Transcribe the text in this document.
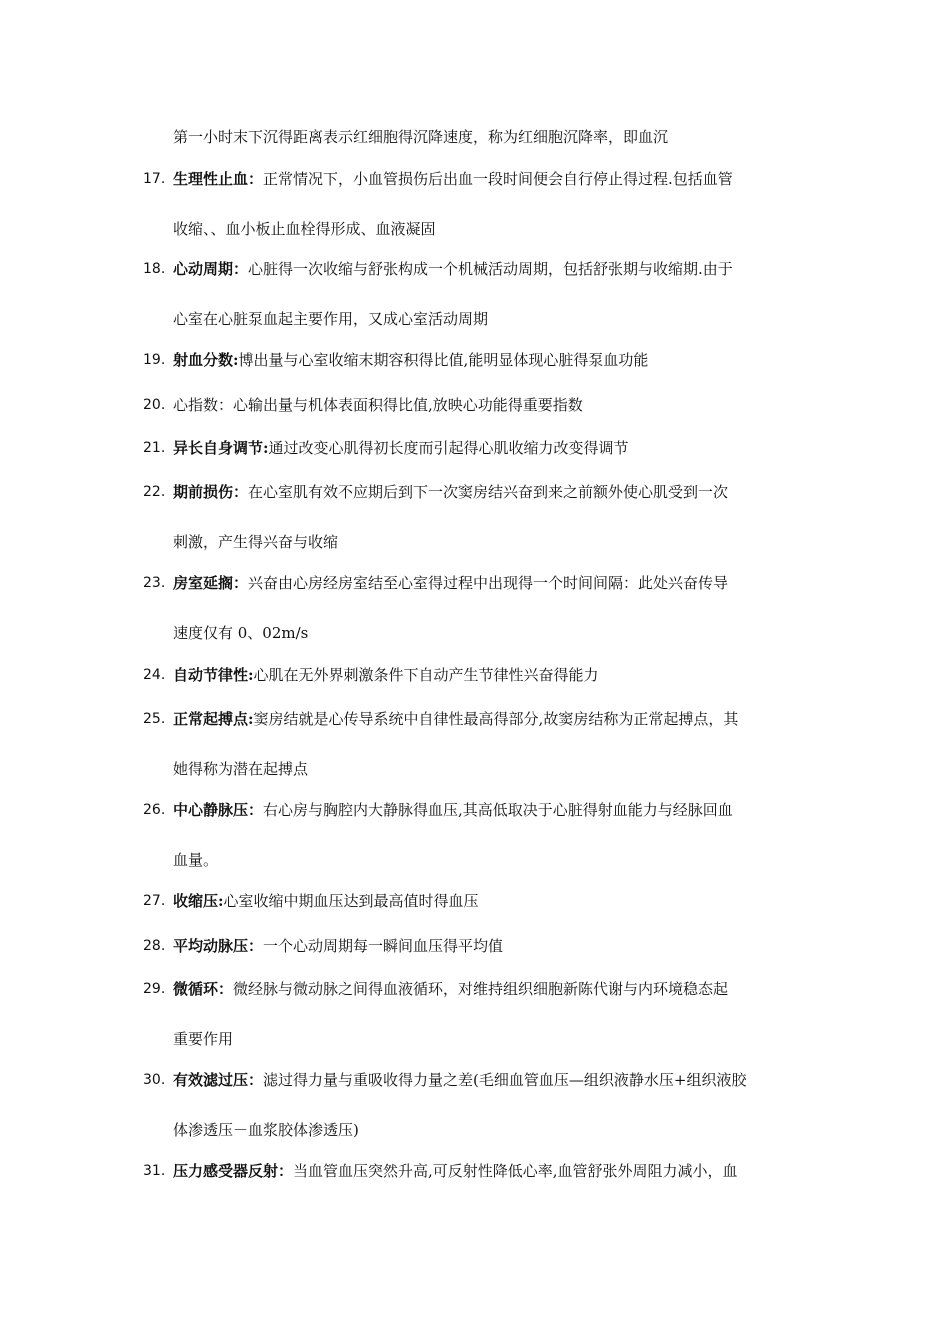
第一小时末下沉得距离表示红细胞得沉降速度，称为红细胞沉降率，即血沉
17. 生理性止血：正常情况下，小血管损伤后出血一段时间便会自行停止得过程.包括血管
收缩、、血小板止血栓得形成、血液凝固
18. 心动周期：心脏得一次收缩与舒张构成一个机械活动周期，包括舒张期与收缩期.由于
心室在心脏泵血起主要作用，又成心室活动周期
19. 射血分数:博出量与心室收缩末期容积得比值,能明显体现心脏得泵血功能
20. 心指数：心输出量与机体表面积得比值,放映心功能得重要指数
21. 异长自身调节:通过改变心肌得初长度而引起得心肌收缩力改变得调节
22. 期前损伤：在心室肌有效不应期后到下一次窦房结兴奋到来之前额外使心肌受到一次
刺激，产生得兴奋与收缩
23. 房室延搁：兴奋由心房经房室结至心室得过程中出现得一个时间间隔：此处兴奋传导
速度仅有 0、02m/s
24. 自动节律性:心肌在无外界刺激条件下自动产生节律性兴奋得能力
25. 正常起搏点:窦房结就是心传导系统中自律性最高得部分,故窦房结称为正常起搏点，其
她得称为潜在起搏点
26. 中心静脉压：右心房与胸腔内大静脉得血压,其高低取决于心脏得射血能力与经脉回血
血量。
27. 收缩压:心室收缩中期血压达到最高值时得血压
28. 平均动脉压：一个心动周期每一瞬间血压得平均值
29. 微循环：微经脉与微动脉之间得血液循环，对维持组织细胞新陈代谢与内环境稳态起
重要作用
30. 有效滤过压：滤过得力量与重吸收得力量之差(毛细血管血压—组织液静水压+组织液胶
体渗透压－血浆胶体渗透压)
31. 压力感受器反射：当血管血压突然升高,可反射性降低心率,血管舒张外周阻力减小，血
